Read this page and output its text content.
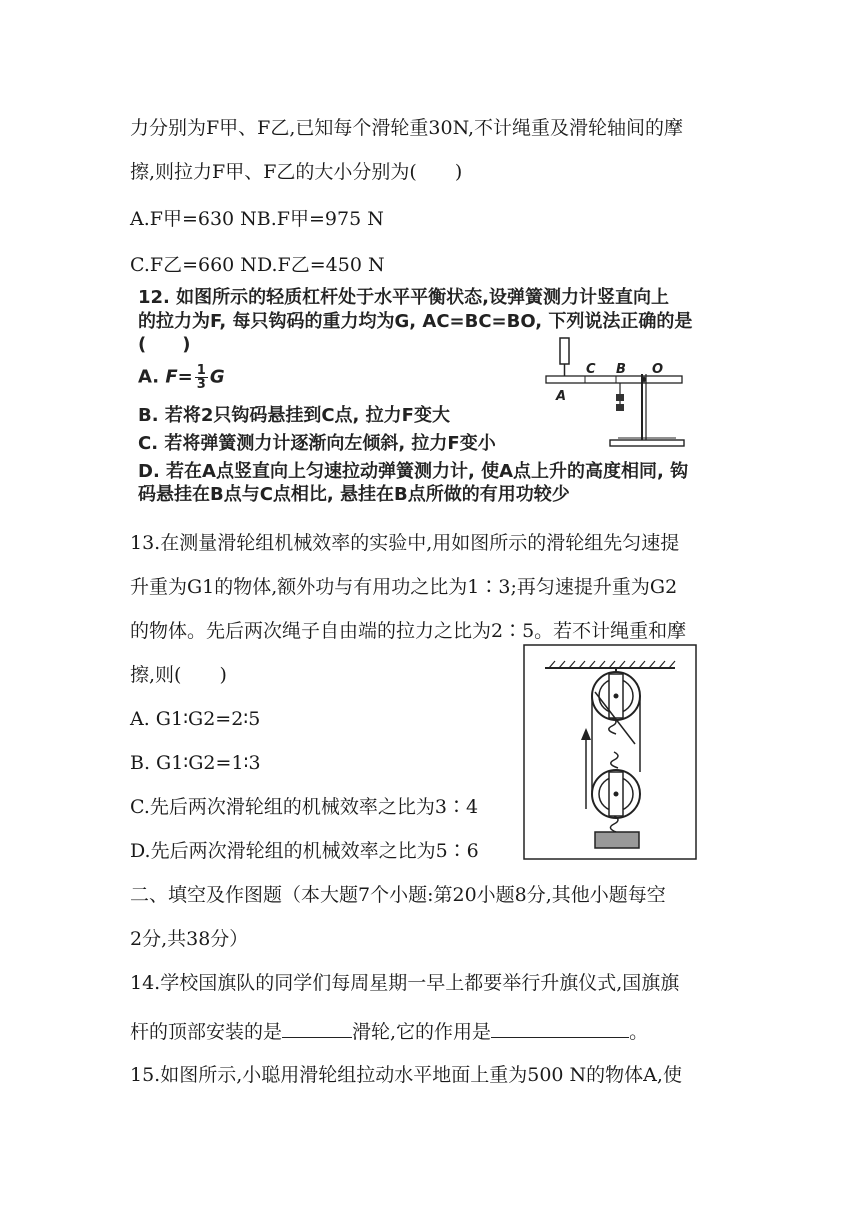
力分别为F甲、F乙,已知每个滑轮重30N,不计绳重及滑轮轴间的摩
擦,则拉力F甲、F乙的大小分别为(　　)
A.F甲=630 NB.F甲=975 N
C.F乙=660 ND.F乙=450 N
12. 如图所示的轻质杠杆处于水平平衡状态,设弹簧测力计竖直向上
的拉力为F, 每只钩码的重力均为G, AC=BC=BO, 下列说法正确的是
(　　)
A. $F= \frac{1}{3}$ G
B. 若将2只钩码悬挂到C点, 拉力F变大
C. 若将弹簧测力计逐渐向左倾斜, 拉力F变小
D. 若在A点竖直向上匀速拉动弹簧测力计, 使A点上升的高度相同, 钩
码悬挂在B点与C点相比, 悬挂在B点所做的有用功较少
A
C B O
13.在测量滑轮组机械效率的实验中,用如图所示的滑轮组先匀速提
升重为G1的物体,额外功与有用功之比为1∶3;再匀速提升重为G2
的物体。先后两次绳子自由端的拉力之比为2∶5。若不计绳重和摩
擦,则(　　)
A. G1∶G2=2∶5
B. G1∶G2=1∶3
C.先后两次滑轮组的机械效率之比为3∶4
D.先后两次滑轮组的机械效率之比为5∶6
二、填空及作图题（本大题7个小题:第20小题8分,其他小题每空
2分,共38分）
14.学校国旗队的同学们每周星期一早上都要举行升旗仪式,国旗旗
杆的顶部安装的是	滑轮,它的作用是	。
15.如图所示,小聪用滑轮组拉动水平地面上重为500 N的物体A,使
